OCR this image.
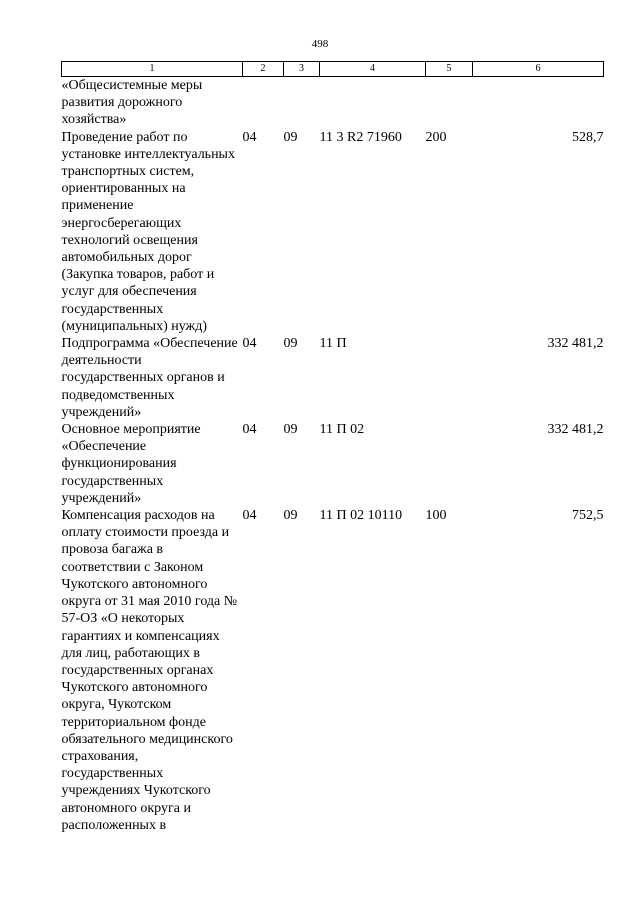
498
1	2	3	4	5	6
«Общесистемные меры развития дорожного хозяйства»					
Проведение работ по установке интеллектуальных транспортных систем, ориентированных на применение энергосберегающих технологий освещения автомобильных дорог (Закупка товаров, работ и услуг для обеспечения государственных (муниципальных) нужд)	04	09	11 3 R2 71960	200	528,7
Подпрограмма «Обеспечение деятельности государственных органов и подведомственных учреждений»	04	09	11 П		332 481,2
Основное мероприятие «Обеспечение функционирования государственных учреждений»	04	09	11 П 02		332 481,2
Компенсация расходов на оплату стоимости проезда и провоза багажа в соответствии с Законом Чукотского автономного округа от 31 мая 2010 года № 57-ОЗ «О некоторых гарантиях и компенсациях для лиц, работающих в государственных органах Чукотского автономного округа, Чукотском территориальном фонде обязательного медицинского страхования, государственных учреждениях Чукотского автономного округа и расположенных в	04	09	11 П 02 10110	100	752,5
